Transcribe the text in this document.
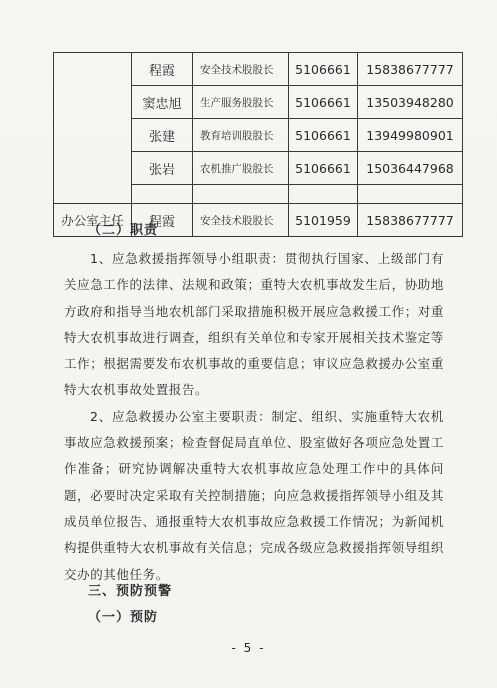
	程霞	安全技术股股长	5106661	15838677777
	窦忠旭	生产服务股股长	5106661	13503948280
	张建	教育培训股股长	5106661	13949980901
	张岩	农机推广股股长	5106661	15036447968

办公室主任	程霞	安全技术股股长	5101959	15838677777
（二）职责

1、应急救援指挥领导小组职责：贯彻执行国家、上级部门有关应急工作的法律、法规和政策；重特大农机事故发生后，协助地方政府和指导当地农机部门采取措施积极开展应急救援工作；对重特大农机事故进行调查，组织有关单位和专家开展相关技术鉴定等工作；根据需要发布农机事故的重要信息；审议应急救援办公室重特大农机事故处置报告。

2、应急救援办公室主要职责：制定、组织、实施重特大农机事故应急救援预案；检查督促局直单位、股室做好各项应急处置工作准备；研究协调解决重特大农机事故应急处理工作中的具体问题，必要时决定采取有关控制措施；向应急救援指挥领导小组及其成员单位报告、通报重特大农机事故应急救援工作情况；为新闻机构提供重特大农机事故有关信息；完成各级应急救援指挥领导组织交办的其他任务。

三、预防预警
（一）预防
- 5 -
